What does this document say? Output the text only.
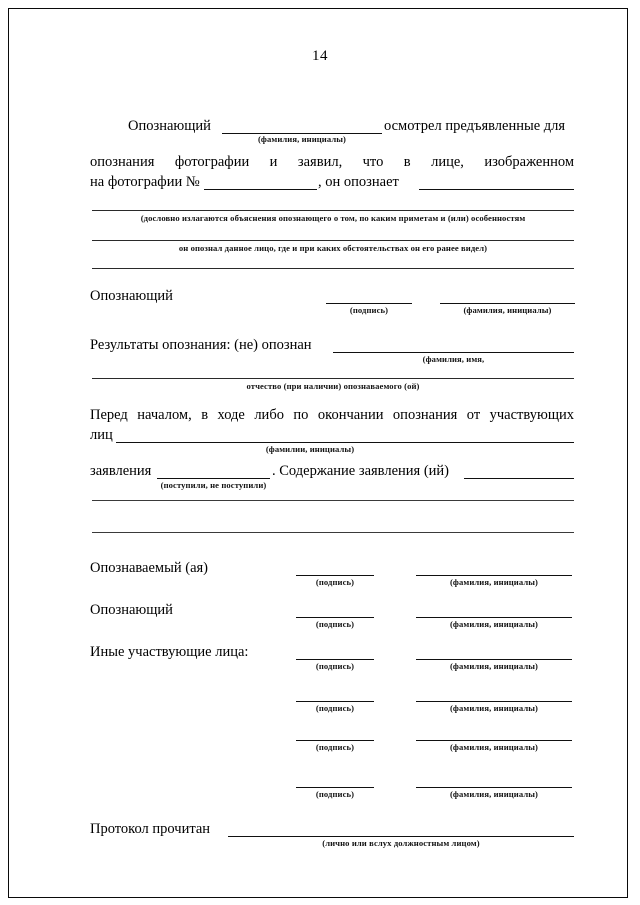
14
Опознающий
(фамилия, инициалы)
осмотрел предъявленные для
опознания фотографии и заявил, что в лице, изображенном
на фотографии №	, он опознает
(дословно излагаются объяснения опознающего о том, по каким приметам и (или) особенностям
он опознал данное лицо, где и при каких обстоятельствах он его ранее видел)
Опознающий
(подпись)	(фамилия, инициалы)
Результаты опознания: (не) опознан
(фамилия, имя,
отчество (при наличии) опознаваемого (ой)
Перед началом, в ходе либо по окончании опознания от участвующих
лиц
(фамилии, инициалы)
заявления
(поступили, не поступили)
. Содержание заявления (ий)
Опознаваемый (ая)
(подпись)	(фамилия, инициалы)
Опознающий
(подпись)	(фамилия, инициалы)
Иные участвующие лица:
(подпись)	(фамилия, инициалы)
(подпись)	(фамилия, инициалы)
(подпись)	(фамилия, инициалы)
(подпись)	(фамилия, инициалы)
Протокол прочитан
(лично или вслух должностным лицом)
